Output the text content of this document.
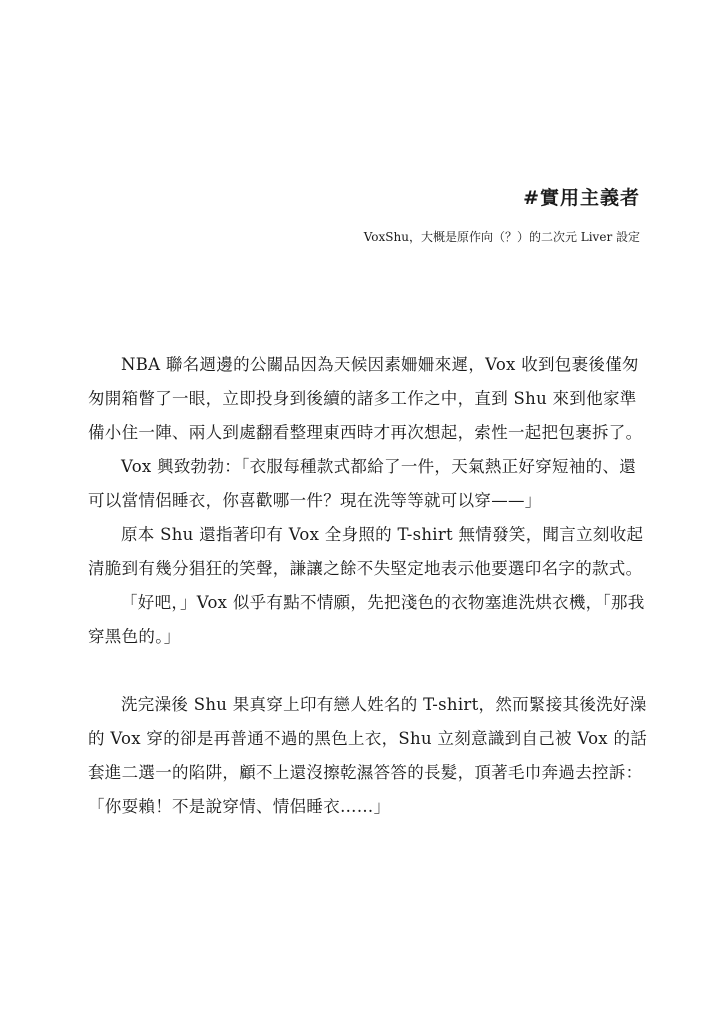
#實用主義者
VoxShu，大概是原作向（？）的二次元 Liver 設定

NBA 聯名週邊的公關品因為天候因素姍姍來遲，Vox 收到包裹後僅匆匆開箱瞥了一眼，立即投身到後續的諸多工作之中，直到 Shu 來到他家準備小住一陣、兩人到處翻看整理東西時才再次想起，索性一起把包裹拆了。

Vox 興致勃勃：「衣服每種款式都給了一件，天氣熱正好穿短袖的、還可以當情侶睡衣，你喜歡哪一件？現在洗等等就可以穿——」

原本 Shu 還指著印有 Vox 全身照的 T-shirt 無情發笑，聞言立刻收起清脆到有幾分猖狂的笑聲，謙讓之餘不失堅定地表示他要選印名字的款式。

「好吧，」Vox 似乎有點不情願，先把淺色的衣物塞進洗烘衣機，「那我穿黑色的。」

洗完澡後 Shu 果真穿上印有戀人姓名的 T-shirt，然而緊接其後洗好澡的 Vox 穿的卻是再普通不過的黑色上衣，Shu 立刻意識到自己被 Vox 的話套進二選一的陷阱，顧不上還沒擦乾濕答答的長髮，頂著毛巾奔過去控訴：「你耍賴！不是說穿情、情侶睡衣……」
